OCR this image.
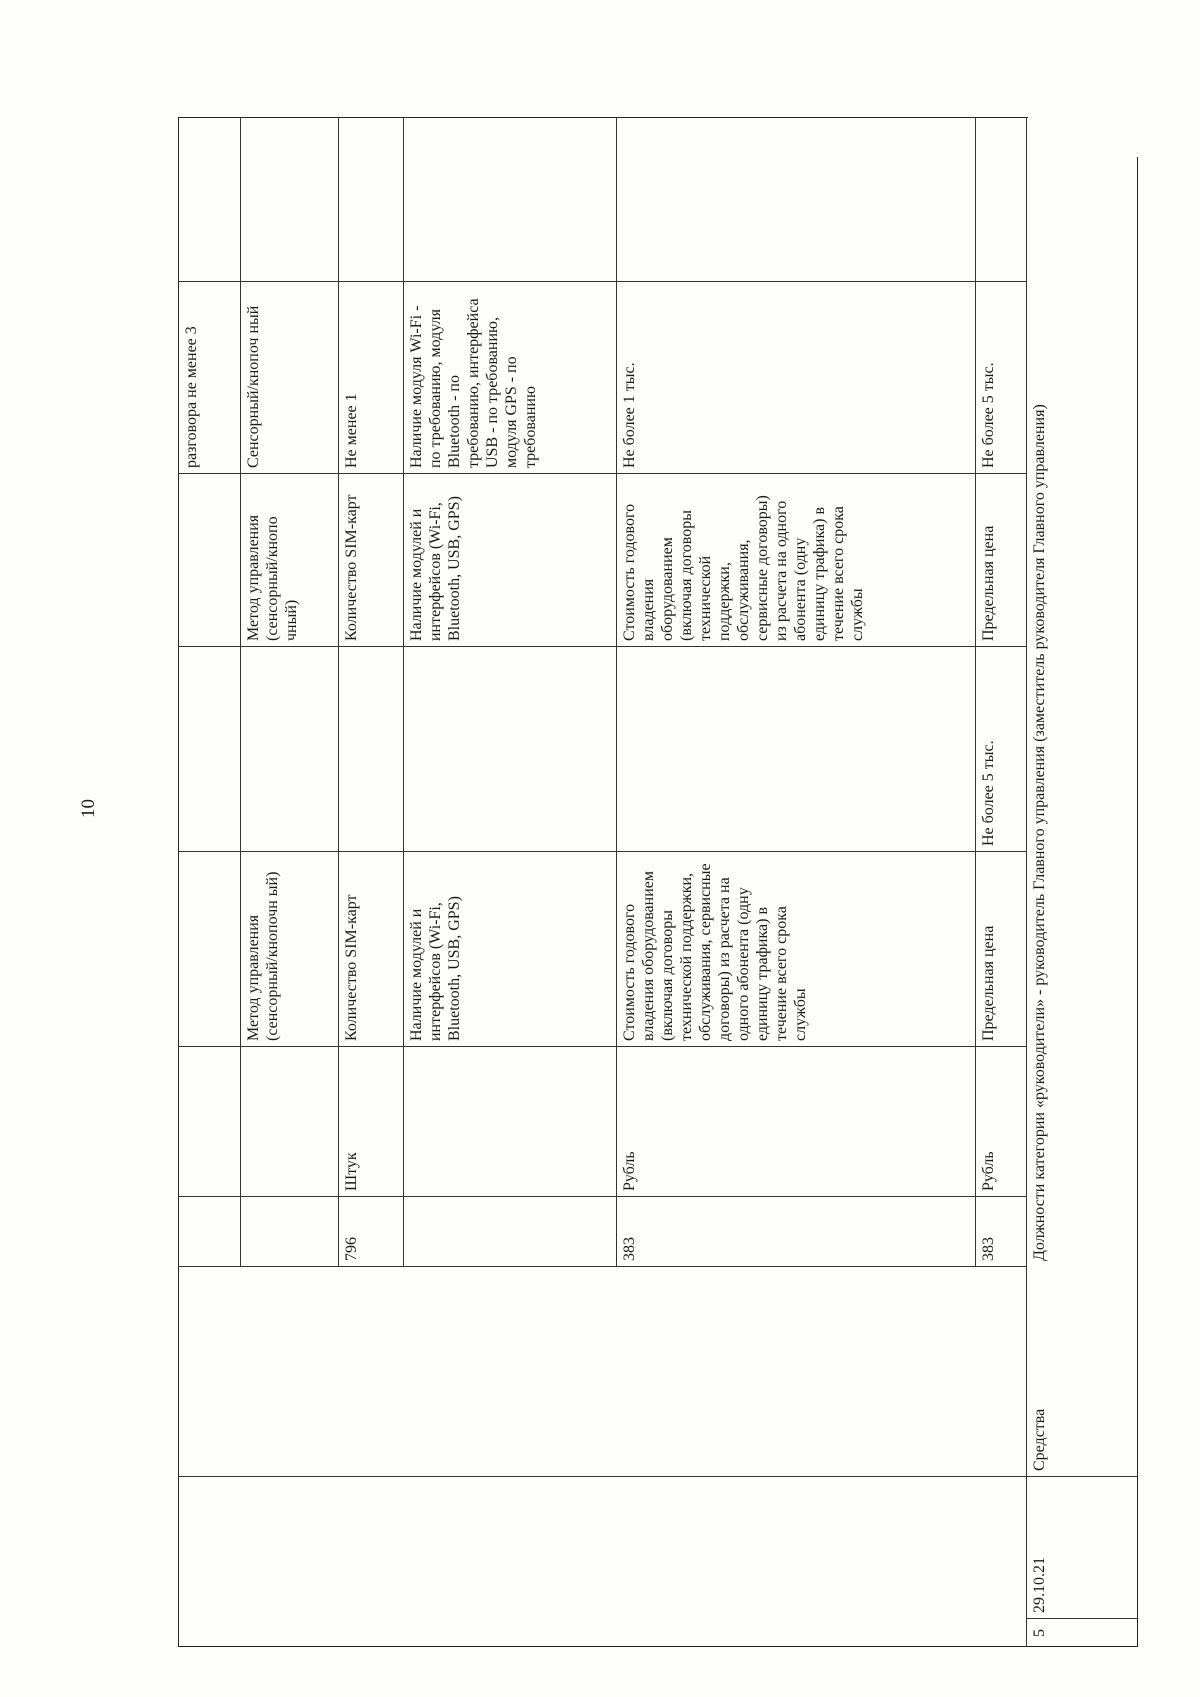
10
разговора не менее 3
Метод управления (сенсорный/кнопочн ый)
Метод управления (сенсорный/кнопо чный)
Сенсорный/кнопоч ный
796
Штук
Количество SIM-карт
Количество SIM-карт
Не менее 1
Наличие модулей и интерфейсов (Wi-Fi, Bluetooth, USB, GPS)
Наличие модулей и интерфейсов (Wi-Fi, Bluetooth, USB, GPS)
Наличие модуля Wi-Fi - по требованию, модуля Bluetooth - по требованию, интерфейса USB - по требованию, модуля GPS - по требованию
383
Рубль
Стоимость годового владения оборудованием (включая договоры технической поддержки, обслуживания, сервисные договоры) из расчета на одного абонента (одну единицу трафика) в течение всего срока службы
Стоимость годового владения оборудованием (включая договоры технической поддержки, обслуживания, сервисные договоры) из расчета на одного абонента (одну единицу трафика) в течение всего срока службы
Не более 1 тыс.
383
Рубль
Предельная цена
Не более 5 тыс.
Предельная цена
Не более 5 тыс.
5
29.10.21
Средства
Должности категории «руководители» - руководитель Главного управления (заместитель руководителя Главного управления)
